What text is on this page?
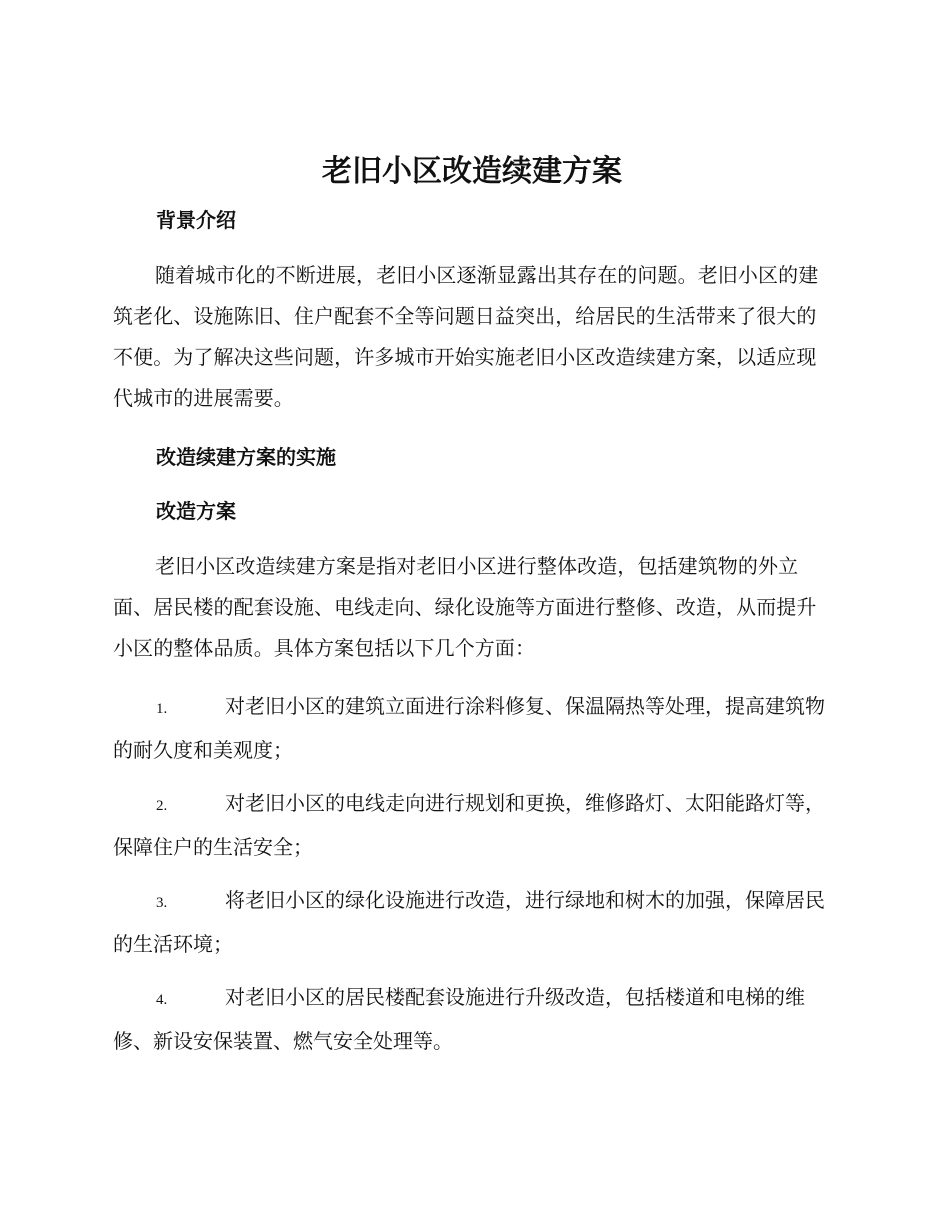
老旧小区改造续建方案
背景介绍

随着城市化的不断进展，老旧小区逐渐显露出其存在的问题。老旧小区的建筑老化、设施陈旧、住户配套不全等问题日益突出，给居民的生活带来了很大的不便。为了解决这些问题，许多城市开始实施老旧小区改造续建方案，以适应现代城市的进展需要。

改造续建方案的实施
改造方案

老旧小区改造续建方案是指对老旧小区进行整体改造，包括建筑物的外立面、居民楼的配套设施、电线走向、绿化设施等方面进行整修、改造，从而提升小区的整体品质。具体方案包括以下几个方面：

1.	对老旧小区的建筑立面进行涂料修复、保温隔热等处理，提高建筑物的耐久度和美观度；

2.	对老旧小区的电线走向进行规划和更换，维修路灯、太阳能路灯等，保障住户的生活安全；

3.	将老旧小区的绿化设施进行改造，进行绿地和树木的加强，保障居民的生活环境；

4.	对老旧小区的居民楼配套设施进行升级改造，包括楼道和电梯的维修、新设安保装置、燃气安全处理等。
